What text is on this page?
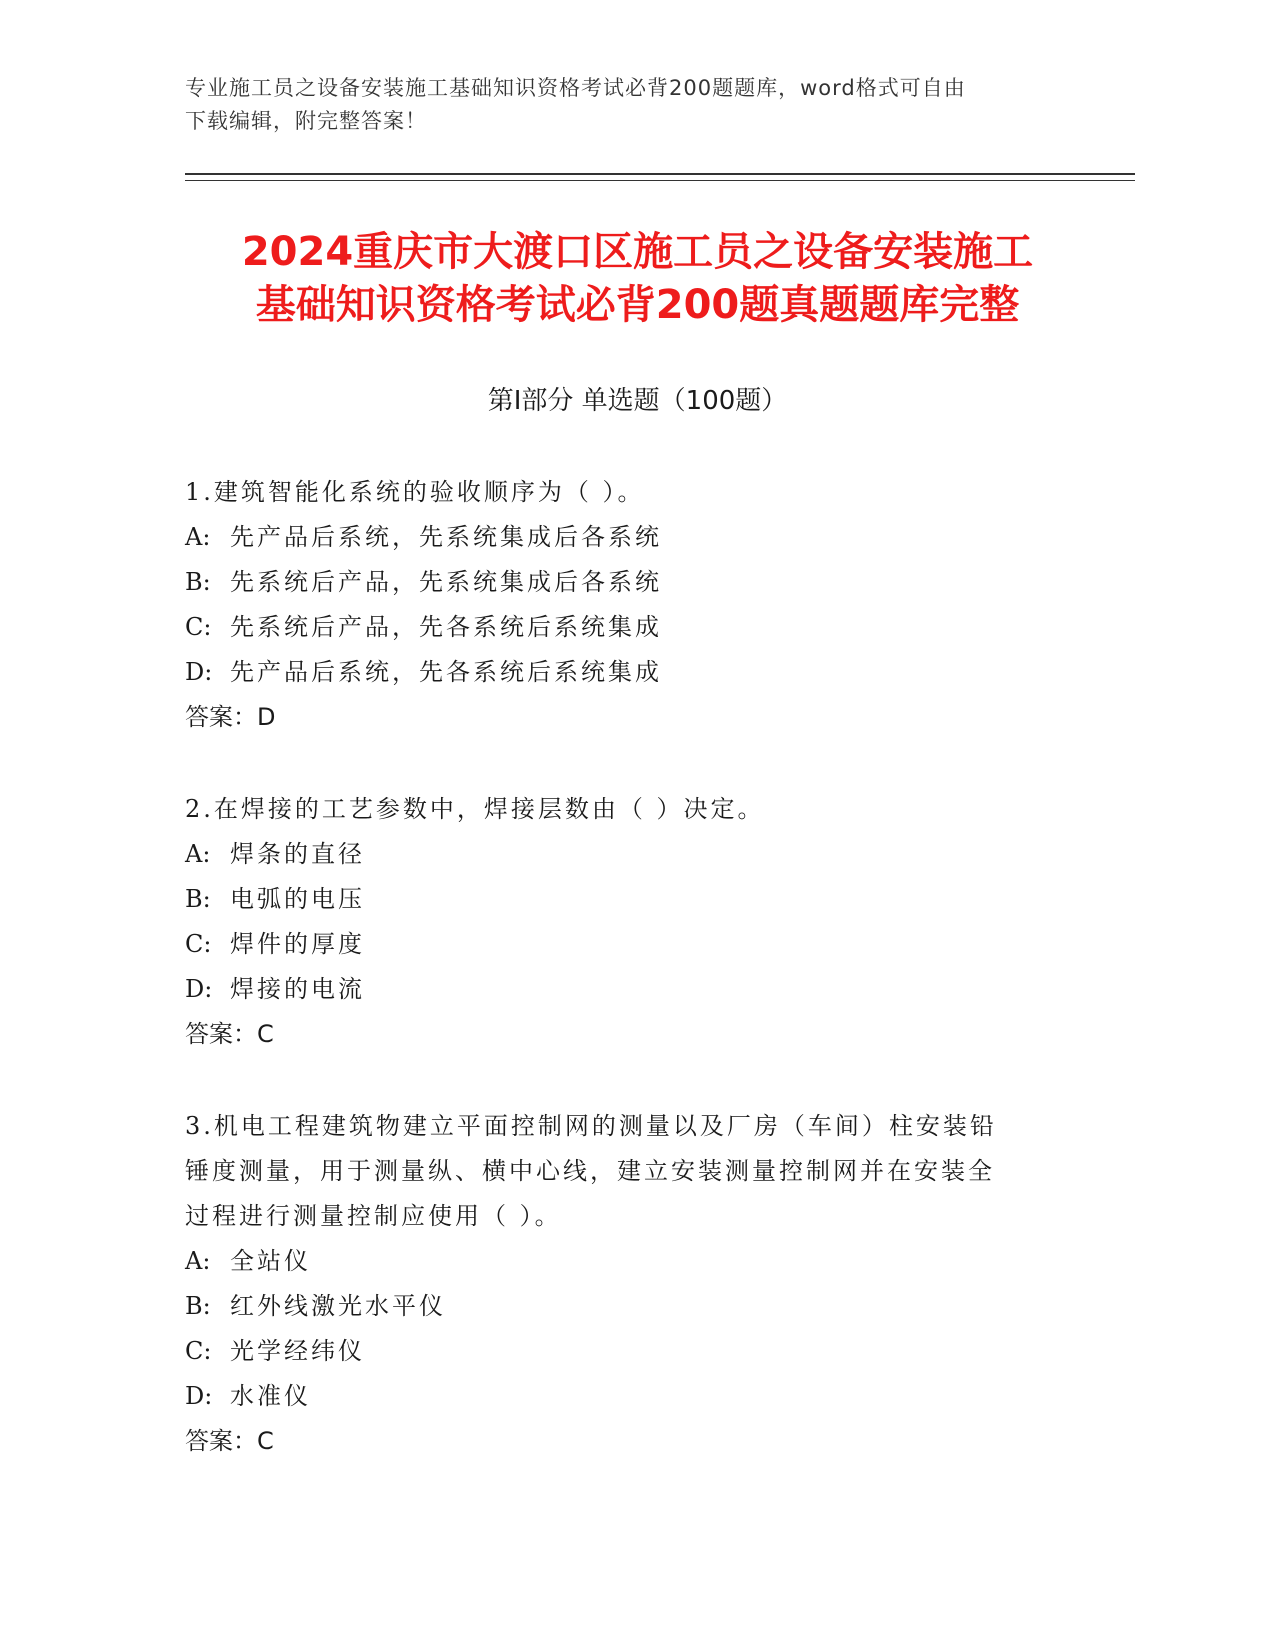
专业施工员之设备安装施工基础知识资格考试必背200题题库，word格式可自由
下载编辑，附完整答案！
2024重庆市大渡口区施工员之设备安装施工
基础知识资格考试必背200题真题题库完整
第Ⅰ部分 单选题（100题）
1.建筑智能化系统的验收顺序为（ ）。
A: 先产品后系统，先系统集成后各系统
B: 先系统后产品，先系统集成后各系统
C: 先系统后产品，先各系统后系统集成
D: 先产品后系统，先各系统后系统集成
答案：D
2.在焊接的工艺参数中，焊接层数由（ ）决定。
A: 焊条的直径
B: 电弧的电压
C: 焊件的厚度
D: 焊接的电流
答案：C
3.机电工程建筑物建立平面控制网的测量以及厂房（车间）柱安装铅
锤度测量，用于测量纵、横中心线，建立安装测量控制网并在安装全
过程进行测量控制应使用（ ）。
A: 全站仪
B: 红外线激光水平仪
C: 光学经纬仪
D: 水准仪
答案：C
